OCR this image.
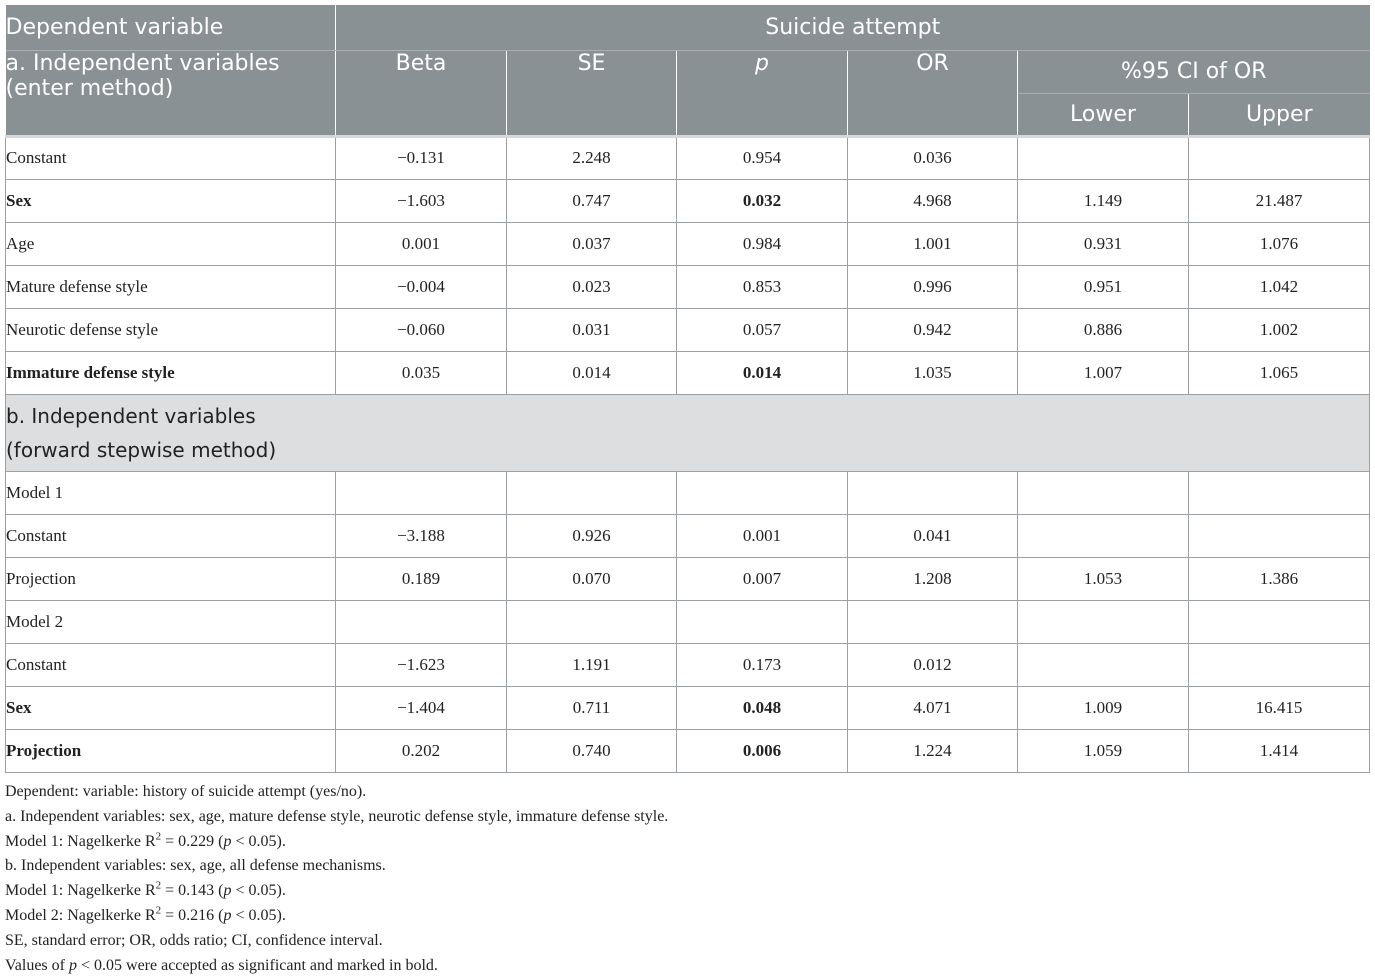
Dependent variable	Suicide attempt					
a. Independent variables
(enter method)	Beta	SE	p	OR	%95 CI of OR	
					Lower	Upper
Constant	−0.131	2.248	0.954	0.036		
Sex	−1.603	0.747	0.032	4.968	1.149	21.487
Age	0.001	0.037	0.984	1.001	0.931	1.076
Mature defense style	−0.004	0.023	0.853	0.996	0.951	1.042
Neurotic defense style	−0.060	0.031	0.057	0.942	0.886	1.002
Immature defense style	0.035	0.014	0.014	1.035	1.007	1.065
b. Independent variables
(forward stepwise method)						
Model 1						
Constant	−3.188	0.926	0.001	0.041		
Projection	0.189	0.070	0.007	1.208	1.053	1.386
Model 2						
Constant	−1.623	1.191	0.173	0.012		
Sex	−1.404	0.711	0.048	4.071	1.009	16.415
Projection	0.202	0.740	0.006	1.224	1.059	1.414
Dependent: variable: history of suicide attempt (yes/no).
a. Independent variables: sex, age, mature defense style, neurotic defense style, immature defense style.
Model 1: Nagelkerke $R^2 = 0.229$ (p < 0.05).
b. Independent variables: sex, age, all defense mechanisms.
Model 1: Nagelkerke $R^2 = 0.143$ (p < 0.05).
Model 2: Nagelkerke $R^2 = 0.216$ (p < 0.05).
SE, standard error; OR, odds ratio; CI, confidence interval.
Values of p < 0.05 were accepted as significant and marked in bold.
